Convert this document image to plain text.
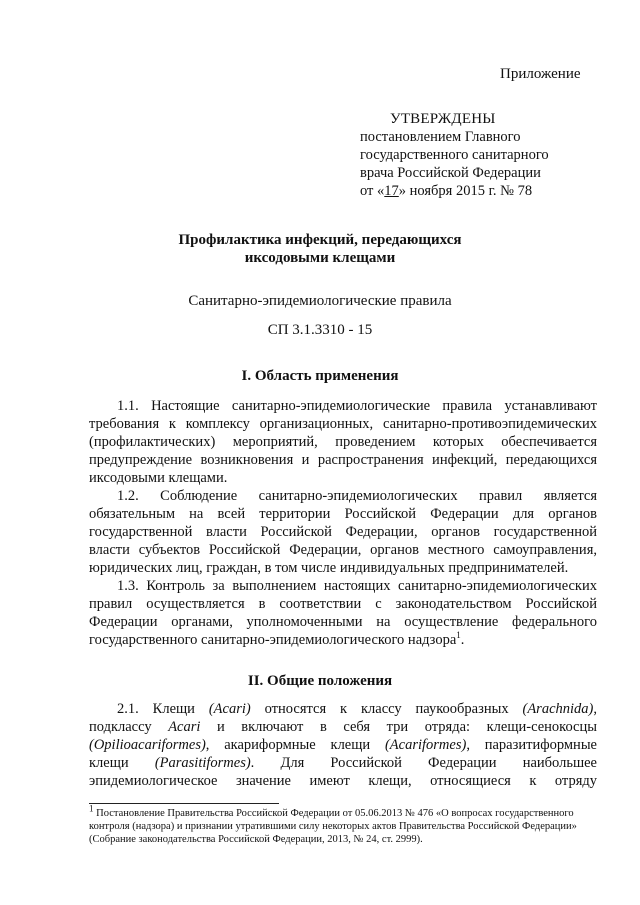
Приложение
УТВЕРЖДЕНЫ
постановлением Главного
государственного санитарного
врача Российской Федерации
от «17» ноября 2015 г. № 78
Профилактика инфекций, передающихся
иксодовыми клещами
Санитарно-эпидемиологические правила
СП 3.1.3310 - 15
I. Область применения
1.1. Настоящие санитарно-эпидемиологические правила устанавливают
требования к комплексу организационных, санитарно-противоэпидемических
(профилактических) мероприятий, проведением которых обеспечивается
предупреждение возникновения и распространения инфекций, передающихся
иксодовыми клещами.
1.2. Соблюдение санитарно-эпидемиологических правил является
обязательным на всей территории Российской Федерации для органов
государственной власти Российской Федерации, органов государственной
власти субъектов Российской Федерации, органов местного самоуправления,
юридических лиц, граждан, в том числе индивидуальных предпринимателей.
1.3. Контроль за выполнением настоящих санитарно-эпидемиологических
правил осуществляется в соответствии с законодательством Российской
Федерации органами, уполномоченными на осуществление федерального
государственного санитарно-эпидемиологического надзора$^1$.
II. Общие положения
2.1. Клещи (Acari) относятся к классу паукообразных (Arachnida),
подклассу Acari и включают в себя три отряда: клещи-сенокосцы
(Opilioacariformes), акариформные клещи (Acariformes), паразитиформные
клещи (Parasitiformes). Для Российской Федерации наибольшее
эпидемиологическое значение имеют клещи, относящиеся к отряду
$^1$ Постановление Правительства Российской Федерации от 05.06.2013 № 476 «О вопросах государственного
контроля (надзора) и признании утратившими силу некоторых актов Правительства Российской Федерации»
(Собрание законодательства Российской Федерации, 2013, № 24, ст. 2999).
